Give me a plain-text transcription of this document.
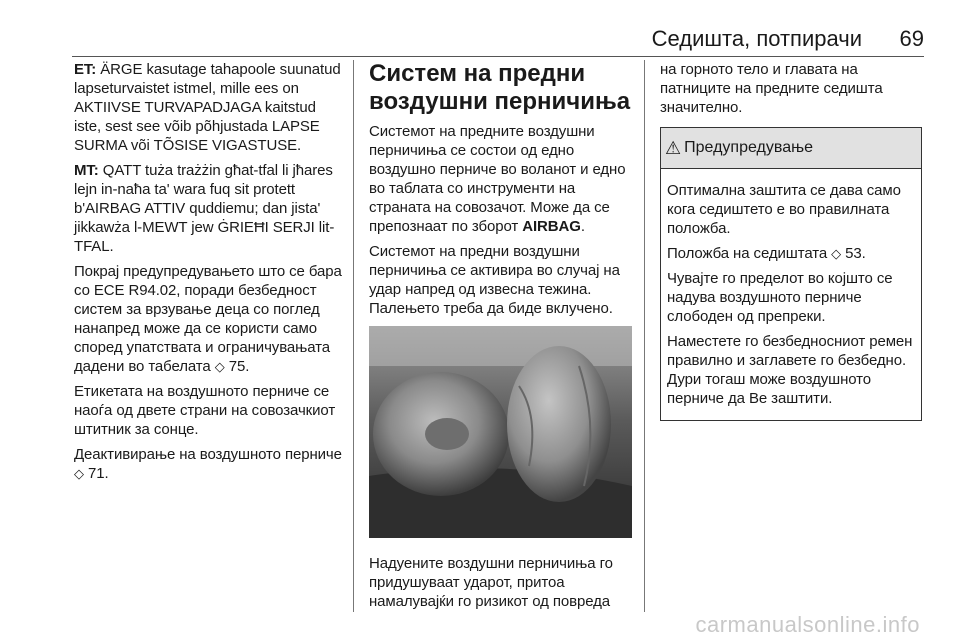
Седишта, потпирачи 69

ET: ÄRGE kasutage tahapoole suunatud lapseturvaistet istmel, mille ees on AKTIIVSE TURVAPADJAGA kaitstud iste, sest see võib põhjustada LAPSE SURMA või TÕSISE VIGASTUSE.

MT: QATT tuża trażżin għat-tfal li jħares lejn in-naħa ta' wara fuq sit protett b'AIRBAG ATTIV quddiemu; dan jista' jikkawża l-MEWT jew ĠRIEĦI SERJI lit-TFAL.

Покрај предупредувањето што се бара со ECE R94.02, поради безбедност систем за врзување деца со поглед нанапред може да се користи само според упатствата и ограничувањата дадени во табелата ◇ 75.

Етикетата на воздушното перниче се наоѓа од двете страни на совозачкиот штитник за сонце.

Деактивирање на воздушното перниче ◇ 71.

Систем на предни воздушни перничиња

Системот на предните воздушни перничиња се состои од едно воздушно перниче во воланот и едно во таблата со инструменти на страната на совозачот. Може да се препознаат по зборот AIRBAG.

Системот на предни воздушни перничиња се активира во случај на удар напред од извесна тежина. Палењето треба да биде вклучено.

Надуените воздушни перничиња го придушуваат ударот, притоа намалувајќи го ризикот од повреда

на горното тело и главата на патниците на предните седишта значително.

⚠ Предупредување

Оптимална заштита се дава само кога седиштето е во правилната положба.

Положба на седиштата ◇ 53.

Чувајте го пределот во којшто се надува воздушното перниче слободен од препреки.

Наместете го безбедносниот ремен правилно и заглавете го безбедно. Дури тогаш може воздушното перниче да Ве заштити.

carmanualsonline.info
